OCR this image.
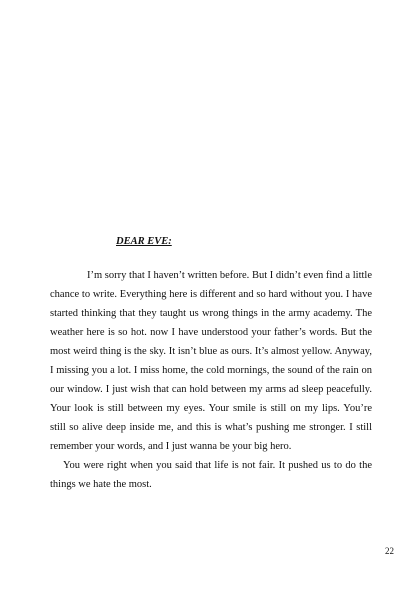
DEAR EVE:

I’m sorry that I haven’t written before. But I didn’t even find a little chance to write. Everything here is different and so hard without you. I have started thinking that they taught us wrong things in the army academy. The weather here is so hot. now I have understood your father’s words. But the most weird thing is the sky. It isn’t blue as ours. It’s almost yellow. Anyway, I missing you a lot. I miss home, the cold mornings, the sound of the rain on our window. I just wish that can hold between my arms ad sleep peacefully. Your look is still between my eyes. Your smile is still on my lips. You’re still so alive deep inside me, and this is what’s pushing me stronger. I still remember your words, and I just wanna be your big hero.

You were right when you said that life is not fair. It pushed us to do the things we hate the most.

22
